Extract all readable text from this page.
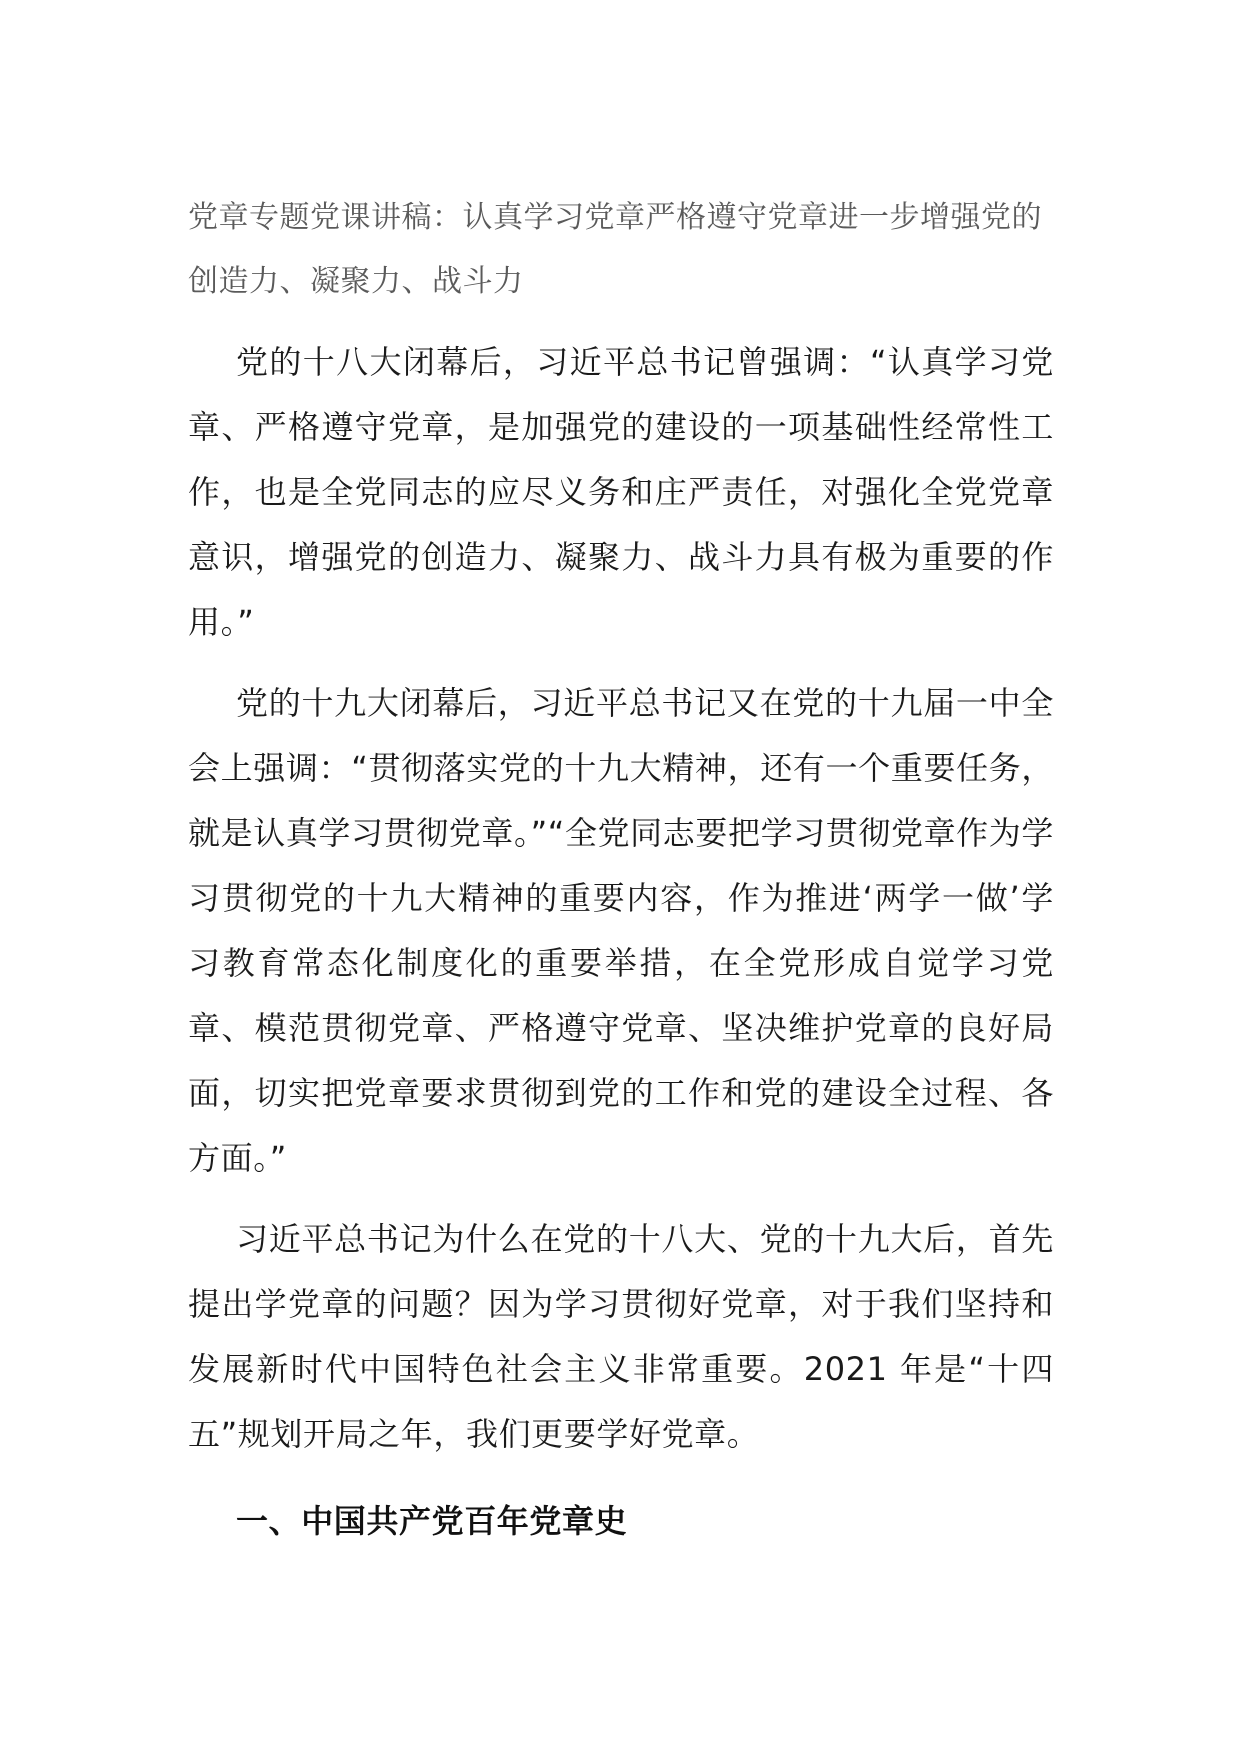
党章专题党课讲稿：认真学习党章严格遵守党章进一步增强党的创造力、凝聚力、战斗力

党的十八大闭幕后，习近平总书记曾强调：“认真学习党章、严格遵守党章，是加强党的建设的一项基础性经常性工作，也是全党同志的应尽义务和庄严责任，对强化全党党章意识，增强党的创造力、凝聚力、战斗力具有极为重要的作用。”

党的十九大闭幕后，习近平总书记又在党的十九届一中全会上强调：“贯彻落实党的十九大精神，还有一个重要任务，就是认真学习贯彻党章。”“全党同志要把学习贯彻党章作为学习贯彻党的十九大精神的重要内容，作为推进‘两学一做’学习教育常态化制度化的重要举措，在全党形成自觉学习党章、模范贯彻党章、严格遵守党章、坚决维护党章的良好局面，切实把党章要求贯彻到党的工作和党的建设全过程、各方面。”

习近平总书记为什么在党的十八大、党的十九大后，首先提出学党章的问题？因为学习贯彻好党章，对于我们坚持和发展新时代中国特色社会主义非常重要。2021 年是“十四五”规划开局之年，我们更要学好党章。

一、中国共产党百年党章史
